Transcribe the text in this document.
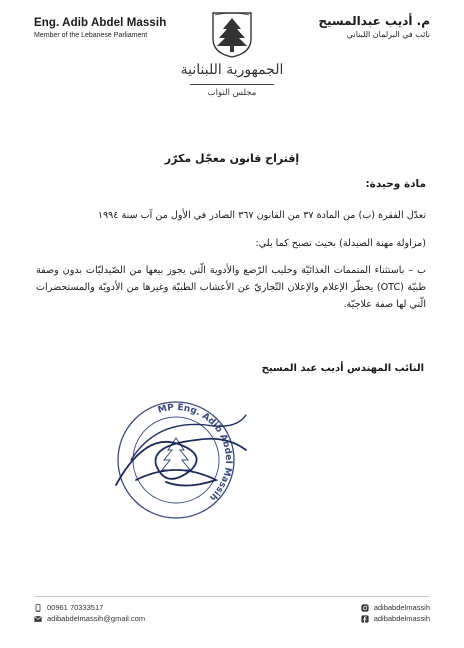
Eng. Adib Abdel Massih
Member of the Lebanese Parliament
م. أديب عبدالمسيح
نائب في البرلمان اللبناني
الجمهورية اللبنانية
مجلس النواب
إقتراح قانون معجّل مكرّر
مادة وحيدة:
تعدّل الفقرة (ب) من المادة ٣٧ من القانون ٣٦٧ الصادر في الأول من آب سنة ١٩٩٤
(مزاولة مهنة الصيدلة) بحيث تصبح كما يلي:
ب – باستثناء المتممات الغذائيّة وحليب الرّضع والأدوية الّتي يجوز بيعها من الصّيدليّات بدون وصفة طبيّة (OTC) يحظّر الإعلام والإعلان التّجاريّ عن الأعشاب الطبيّة وغيرها من الأدويّة والمستحضرات الّتي لها صفة علاجيّة.
النائب المهندس أديب عبد المسيح
MP Eng. Adib Abdel Massih
00961 70333517
adibabdelmassih@gmail.com
adibabdelmassih
adibabdelmassih
